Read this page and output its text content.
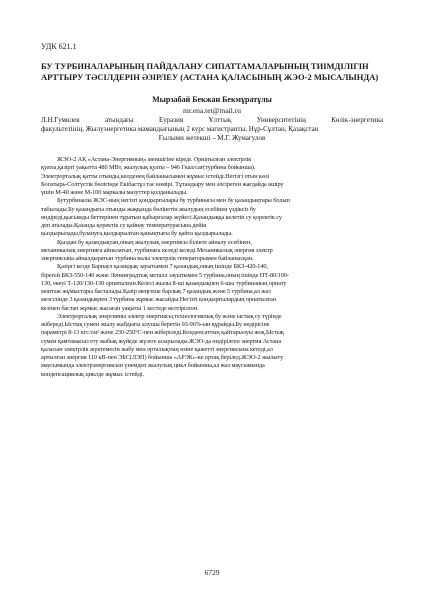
УДК 621.1
БУ ТУРБИНАЛАРЫНЫҢ ПАЙДАЛАНУ СИПАТТАМАЛАРЫНЫҢ ТИІМДІЛІГІН
АРТТЫРУ ТӘСІЛДЕРІН ӘЗІРЛЕУ (АСТАНА ҚАЛАСЫНЫҢ ЖЭО-2 МЫСАЛЫНДА)
Мырзабай Бекжан Бекмұратұлы
mr.ena.tet@mail.ru
Л.Н.Гумилев атындағы Еуразия Ұлттық Университетінің Көлік-энергетика
факультетінің, Жылуэнергетика мамандығының 2 курс магистранты, Нұр-Сұлтан, Қазақстан
Ғылыми жетекші – М.Г. Жумагулов
ЖЭО-2 АҚ «Астана-Энергияның» меншігіне кіреді. Орнатылған электрлік
қуаты,қазіргі уақытта 480 МВт, жылулық қуаты – 946 Гкал/сағ(турбина бойынша).
Электрорталық қатты отынды,көлденең байланысымен жұмыс істейді.Негізгі отын көзі
Богатырь-Солтүстік бөлігінде Екібастұз тас көмірі. Тұтандыру мен әлсіреген жағдайда өшіру
үшін М-40 және М-100 маркалы мазуттер қолданылады.
Бутурбиналы ЖЭС-ның негізгі қондырғылары бу турбинасы мен бу қазандықтары болып
табылады.Бу қазандығы отынды жаққанда бөлінетін жылудың есебінен үздіксіз бу
өндіреді,қысымды беттерінен тұратын қабырғалар жүйесі.Қазандыққа келетін су қоректік су
деп аталады.Қазанда қоректік су қайнау температурасына дейін
қыздырылады,булануға,қыздырылған қанықтығы бу қайта қыздырылады.
Қыздан бу қазандықтан,оның жылулық энергиясы білікте айналу есебінен,
механикалық энергияға айналатын, турбинаға келеді келеді.Механикалық энергия электр
энергиясына айналдыратын турбина валы электрлік генераторымен байланысқан.
Қазіргі кезде Барнаул қазандық зауытымен 7 қазандық,оның ішінде БКЗ-420-140,
бірегей БКЗ-550-140 және Ленинградтық металл зауытымен 5 турбина,оның ішінде ПТ-80/100-
130, екеуі Т-120/130-130 орнатылған.Келесі жылы 8-ші қазандықпен 6-шы турбинаның орнату
монтаж жұмыстары басталады.Қазір меңгеше барлық 7 қазандық және 5 турбина,ал жаз
мезгілінде 3 қазандықпен 3 турбина жұмыс жасайды.Негізгі қондырғылардың орнатылған
кезінен бастап жұмыс жасаған уақыты 1 кестеде келтірілген.
Электрорталық энергияны электр энергиясы,технологиялық бу және ыстық су түрінде
жібереді.Ыстық сумен жылу жабдығы алушы беретін 93-96%-ын құрайды.Бу өндірісіне
параметрі 8-13 кгс/см² және 230-250°C-пен жіберіледі.Конденсаттың қайтарылуы жоқ.Ыстық
сумен қамтамасыз ету жабық жүйеде жүзеге асырылады.ЖЭО-да өндірілген энергия Астана
қаласын электрлік жүктемесін жабу мен орталықтың өзіне қажетті энергиясына кетеді,ал
артылған энергия 110 кВ-пен ЭБС(ЛЭП) бойынша «АРЭК»-ке ортақ берілед.ЖЭО-2 жылыту
маусымында электрэнергиясын үнемдеп жылулық цикл бойынша,ал жаз маусымында
конденсациялық циклде жұмыс істейді.
6729
